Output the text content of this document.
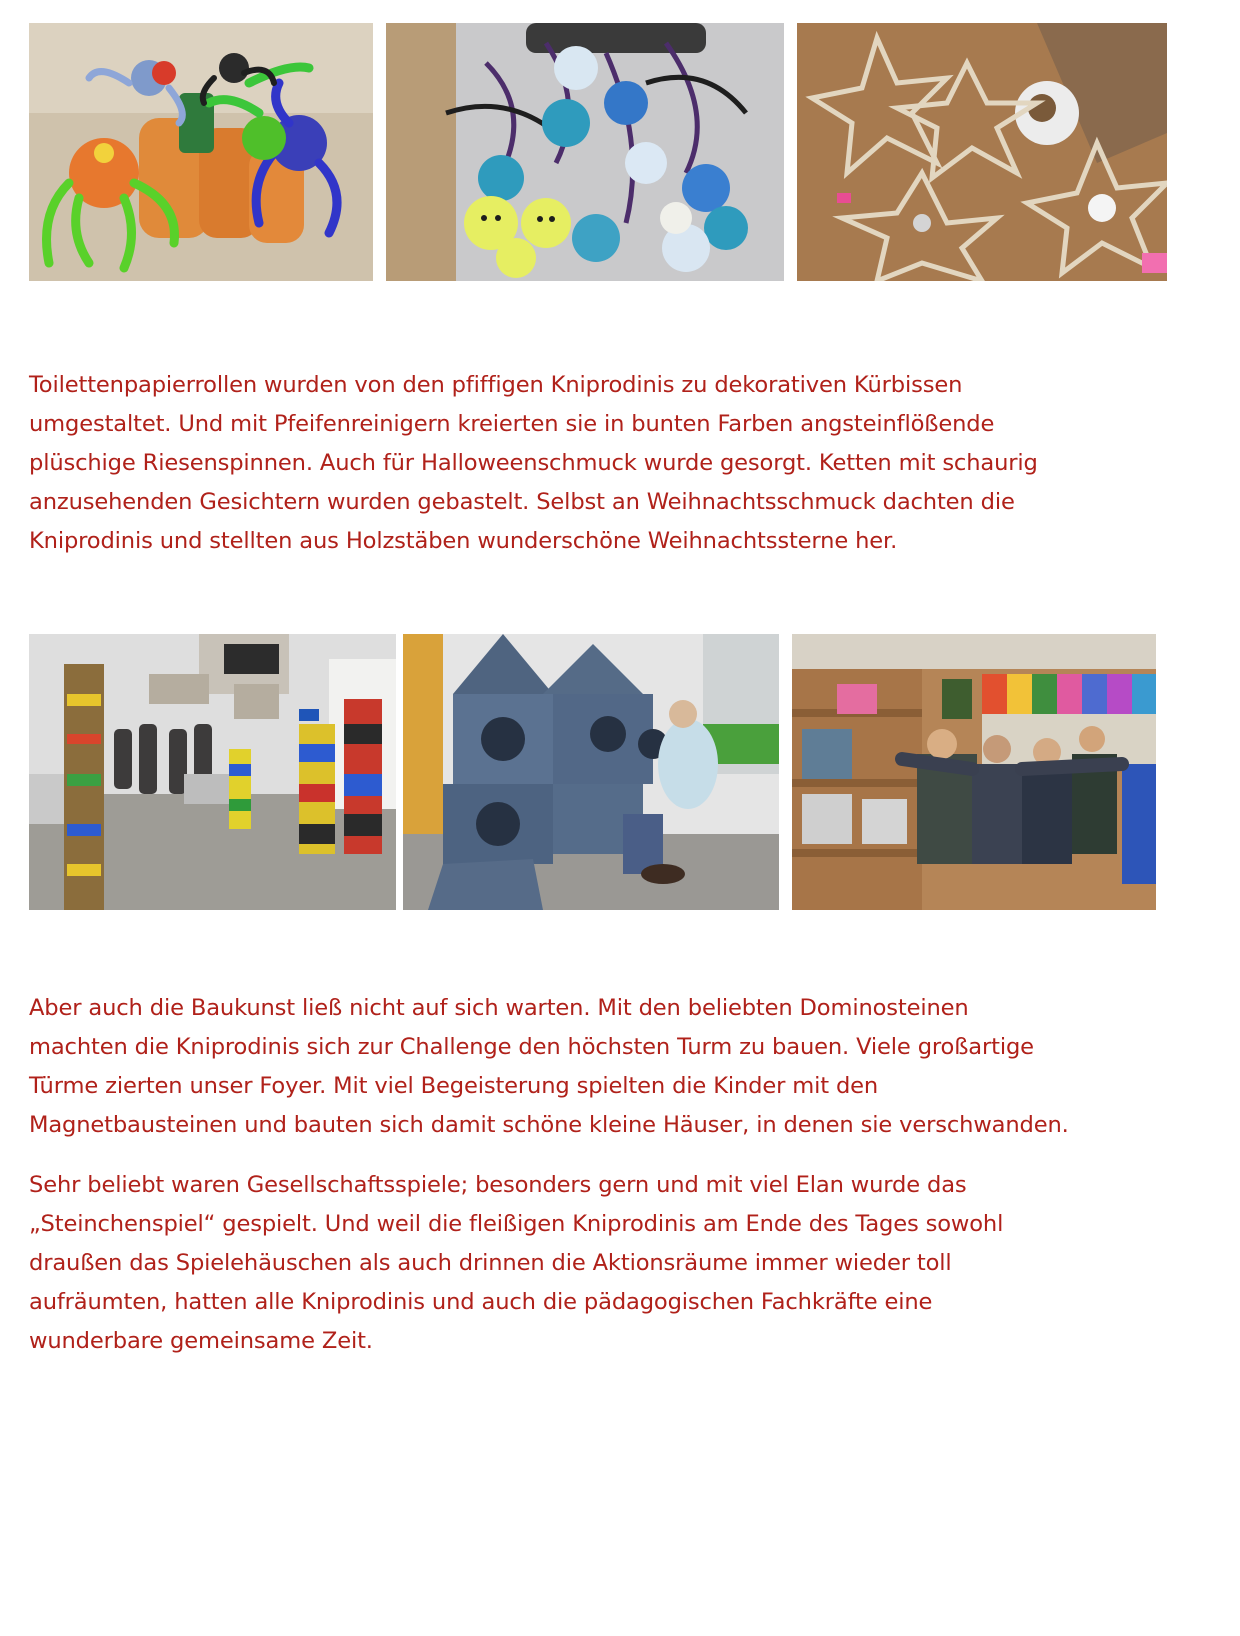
Toilettenpapierrollen wurden von den pfiffigen Kniprodinis zu dekorativen Kürbissen
umgestaltet. Und mit Pfeifenreinigern kreierten sie in bunten Farben angsteinflößende
plüschige Riesenspinnen. Auch für Halloweenschmuck wurde gesorgt. Ketten mit schaurig
anzusehenden Gesichtern wurden gebastelt. Selbst an Weihnachtsschmuck dachten die
Kniprodinis und stellten aus Holzstäben wunderschöne Weihnachtssterne her.

Aber auch die Baukunst ließ nicht auf sich warten. Mit den beliebten Dominosteinen
machten die Kniprodinis sich zur Challenge den höchsten Turm zu bauen. Viele großartige
Türme zierten unser Foyer. Mit viel Begeisterung spielten die Kinder mit den
Magnetbausteinen und bauten sich damit schöne kleine Häuser, in denen sie verschwanden.

Sehr beliebt waren Gesellschaftsspiele; besonders gern und mit viel Elan wurde das
„Steinchenspiel“ gespielt. Und weil die fleißigen Kniprodinis am Ende des Tages sowohl
draußen das Spielehäuschen als auch drinnen die Aktionsräume immer wieder toll
aufräumten, hatten alle Kniprodinis und auch die pädagogischen Fachkräfte eine
wunderbare gemeinsame Zeit.
